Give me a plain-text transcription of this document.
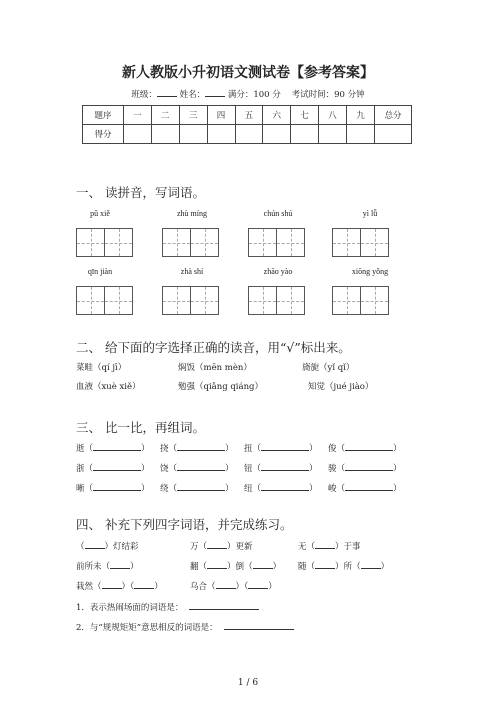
新人教版小升初语文测试卷【参考答案】
班级：	姓名：	满分：100 分 考试时间：90 分钟
题序	一	二	三	四	五	六	七	八	九	总分
得分										
一、 读拼音，写词语。
pǔ xiě	zhù míng	chún shú	yì lǚ
qīn jiàn	zhà shí	zhāo yào	xiōng yǒng
二、 给下面的字选择正确的读音，用“√”标出来。
菜畦（qí jī）	焖饭（mēn mèn）	旖旎（yǐ qǐ）
血液（xuè xiě）	勉强（qiǎng qiáng）	知觉（jué jiào）
三、 比一比，再组词。
逝（	） 挠（	） 扭（	） 俊（	）
浙（	） 饶（	） 钮（	） 骏（	）
晰（	） 绕（	） 纽（	） 峻（	）
四、 补充下列四字词语，并完成练习。
（ ）灯结彩	万（ ）更新	无（ ）于事
前所未（ ）	翻（ ）倒（ ） 随（ ）所（ ）
栽然（ ）（ ）	乌合（ ）（ ）
1．表示热闹场面的词语是：
2．与“规规矩矩”意思相反的词语是：
1 / 6
